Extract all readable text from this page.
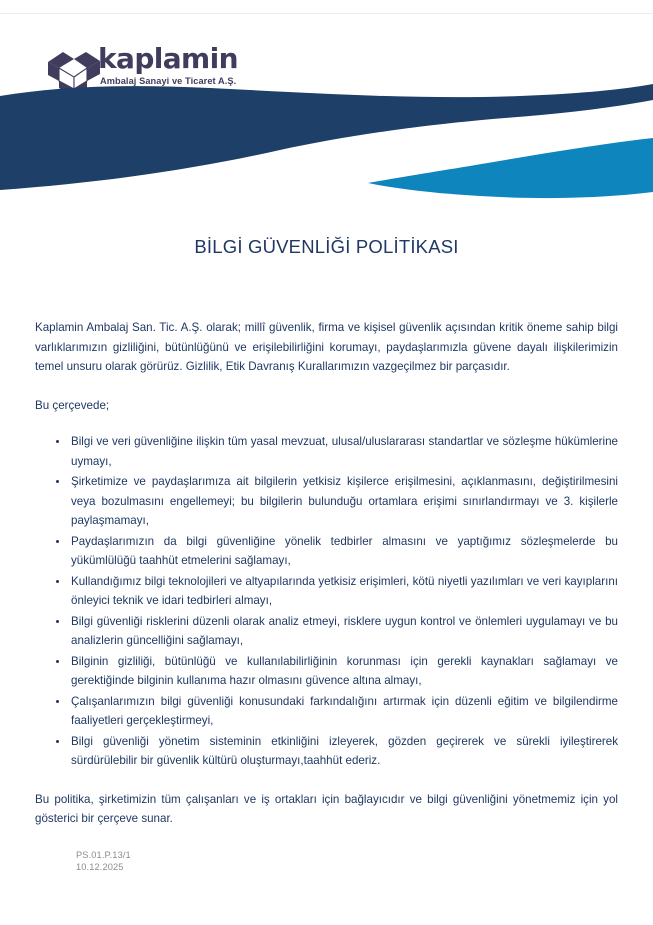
kaplamin
Ambalaj Sanayi ve Ticaret A.Ş.
BİLGİ GÜVENLİĞİ POLİTİKASI

Kaplamin Ambalaj San. Tic. A.Ş. olarak; millî güvenlik, firma ve kişisel güvenlik açısından kritik öneme sahip bilgi varlıklarımızın gizliliğini, bütünlüğünü ve erişilebilirliğini korumayı, paydaşlarımızla güvene dayalı ilişkilerimizin temel unsuru olarak görürüz. Gizlilik, Etik Davranış Kurallarımızın vazgeçilmez bir parçasıdır.

Bu çerçevede;

Bilgi ve veri güvenliğine ilişkin tüm yasal mevzuat, ulusal/uluslararası standartlar ve sözleşme hükümlerine uymayı,
Şirketimize ve paydaşlarımıza ait bilgilerin yetkisiz kişilerce erişilmesini, açıklanmasını, değiştirilmesini veya bozulmasını engellemeyi; bu bilgilerin bulunduğu ortamlara erişimi sınırlandırmayı ve 3. kişilerle paylaşmamayı,
Paydaşlarımızın da bilgi güvenliğine yönelik tedbirler almasını ve yaptığımız sözleşmelerde bu yükümlülüğü taahhüt etmelerini sağlamayı,
Kullandığımız bilgi teknolojileri ve altyapılarında yetkisiz erişimleri, kötü niyetli yazılımları ve veri kayıplarını önleyici teknik ve idari tedbirleri almayı,
Bilgi güvenliği risklerini düzenli olarak analiz etmeyi, risklere uygun kontrol ve önlemleri uygulamayı ve bu analizlerin güncelliğini sağlamayı,
Bilginin gizliliği, bütünlüğü ve kullanılabilirliğinin korunması için gerekli kaynakları sağlamayı ve gerektiğinde bilginin kullanıma hazır olmasını güvence altına almayı,
Çalışanlarımızın bilgi güvenliği konusundaki farkındalığını artırmak için düzenli eğitim ve bilgilendirme faaliyetleri gerçekleştirmeyi,
Bilgi güvenliği yönetim sisteminin etkinliğini izleyerek, gözden geçirerek ve sürekli iyileştirerek sürdürülebilir bir güvenlik kültürü oluşturmayı,taahhüt ederiz.

Bu politika, şirketimizin tüm çalışanları ve iş ortakları için bağlayıcıdır ve bilgi güvenliğini yönetmemiz için yol gösterici bir çerçeve sunar.

PS.01.P.13/1
10.12.2025
